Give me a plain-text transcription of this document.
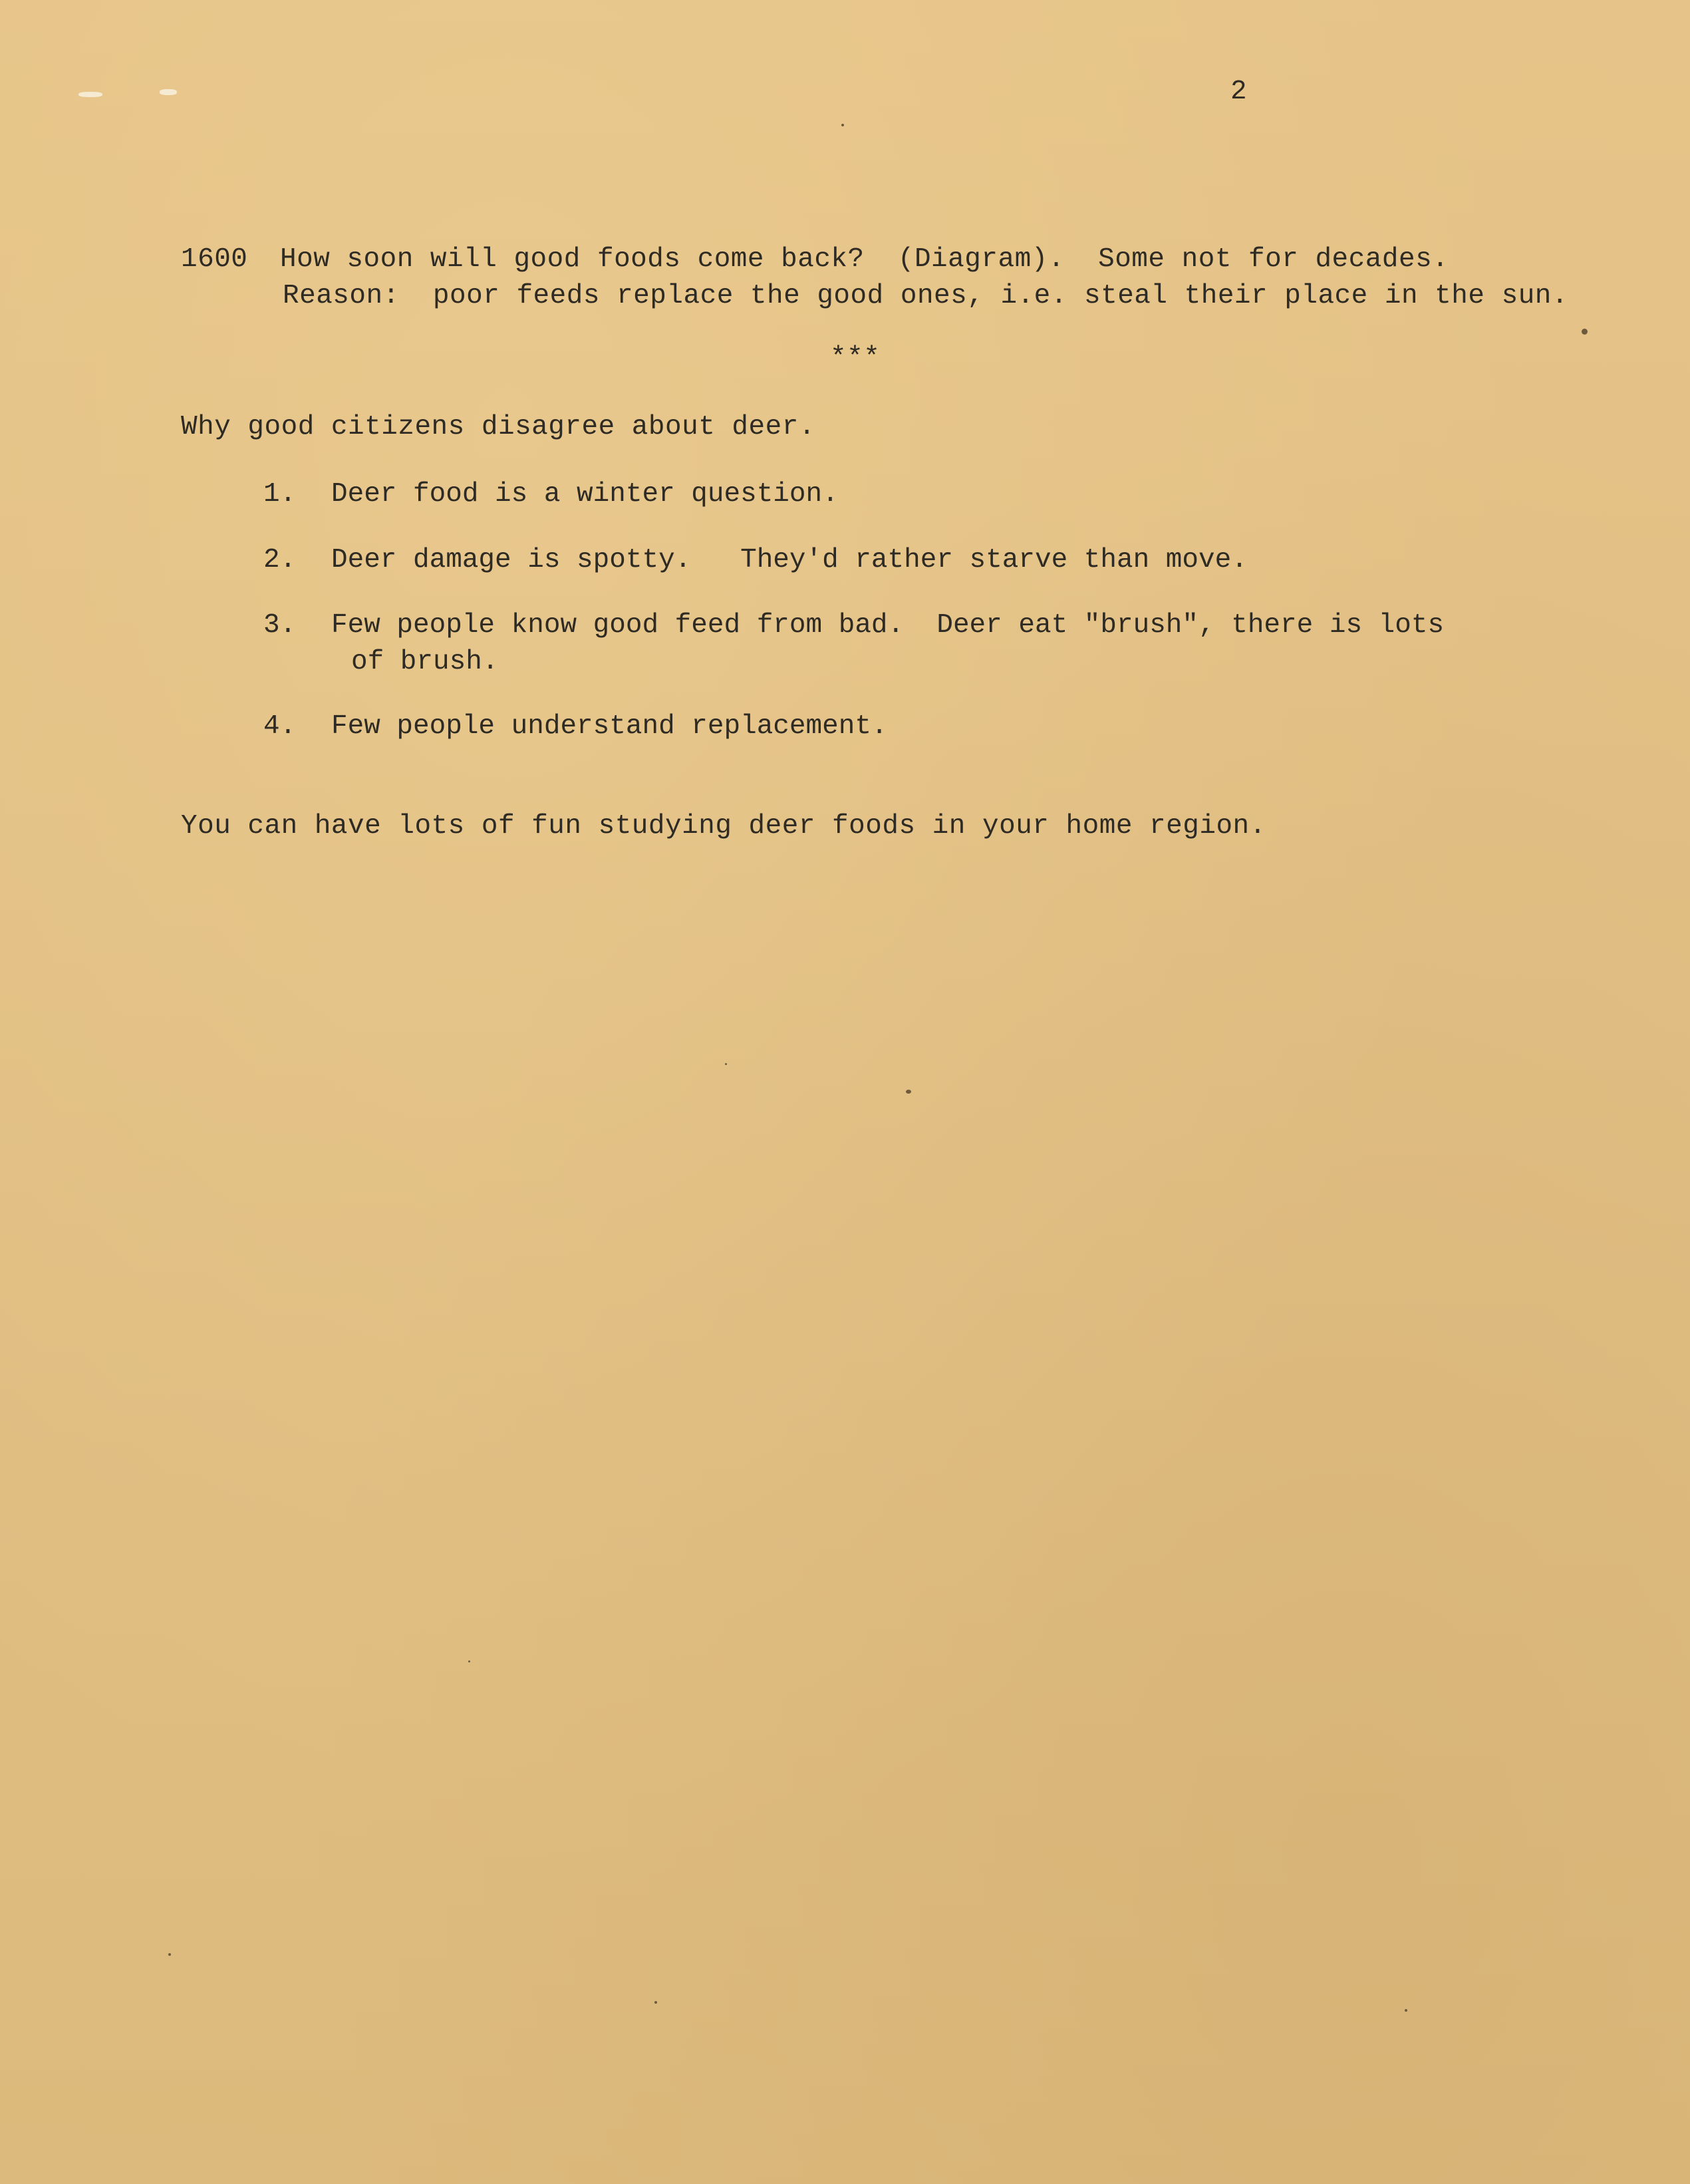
2
1600 How soon will good foods come back?  (Diagram).  Some not for decades.
Reason:  poor feeds replace the good ones, i.e. steal their place in the sun.
***
Why good citizens disagree about deer.
1. Deer food is a winter question.
2. Deer damage is spotty.   They'd rather starve than move.
3. Few people know good feed from bad.  Deer eat "brush", there is lots
of brush.
4. Few people understand replacement.
You can have lots of fun studying deer foods in your home region.
